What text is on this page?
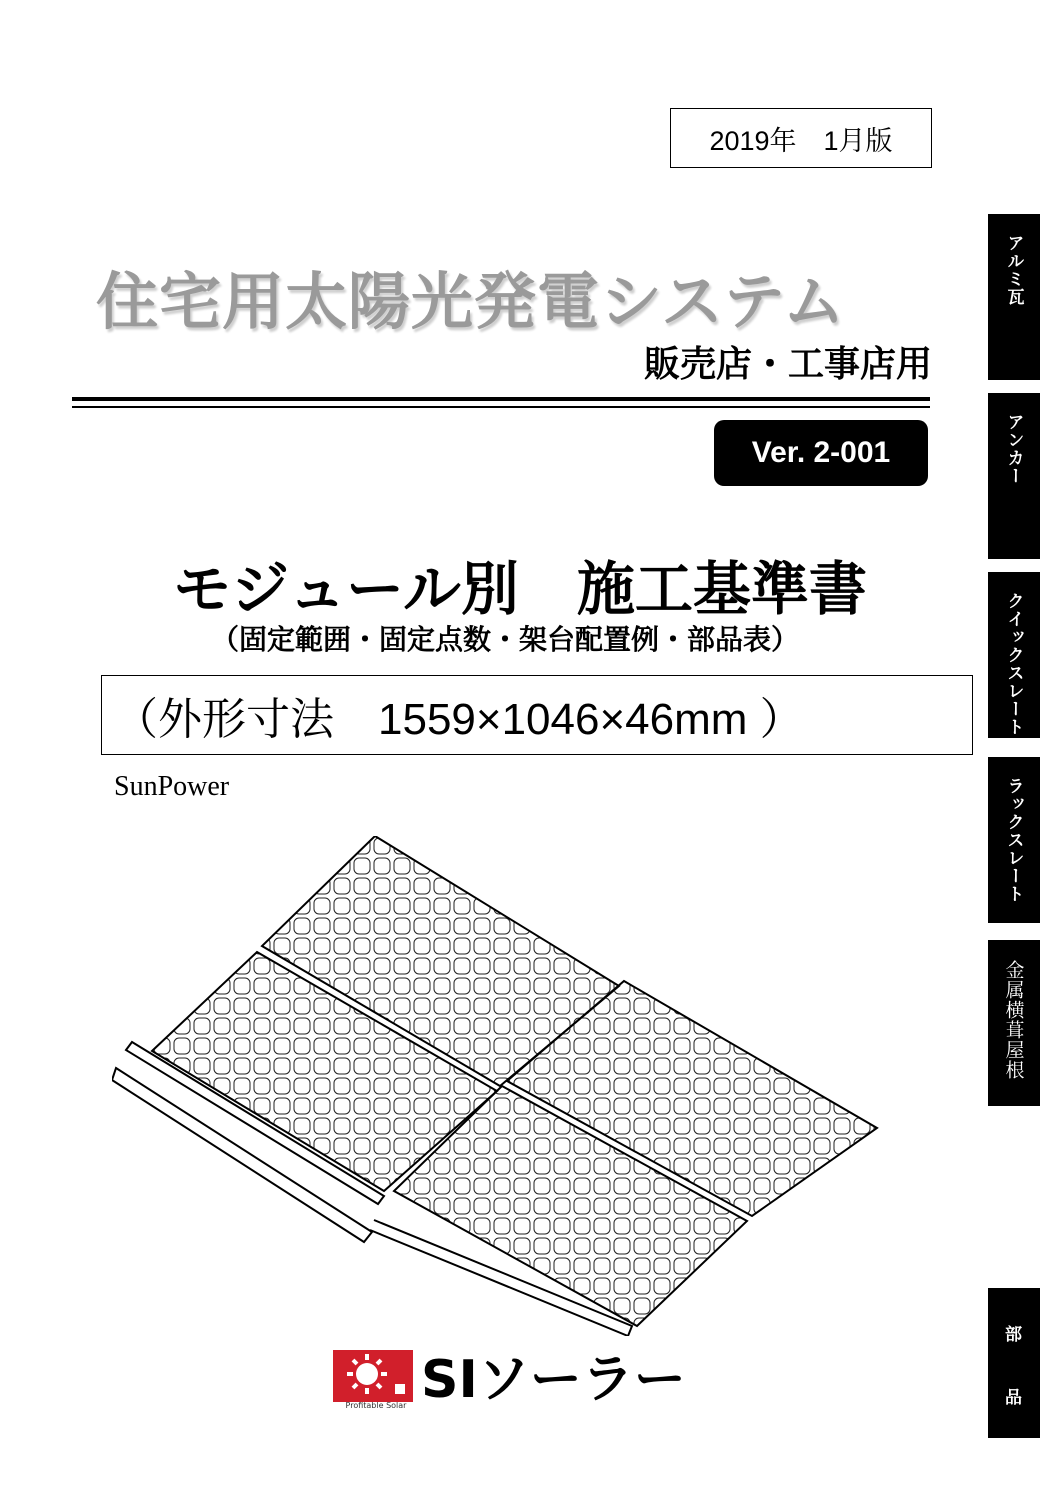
2019年　1月版
住宅用太陽光発電システム
販売店・工事店用
Ver. 2-001
モジュール別　施工基準書
（固定範囲・固定点数・架台配置例・部品表）
（外形寸法　1559×1046×46mm ）
SunPower
Profitable Solar SIソーラー
アルミ瓦
アンカー
クイックスレート
ラックスレート
金属横葺屋根
部
品
